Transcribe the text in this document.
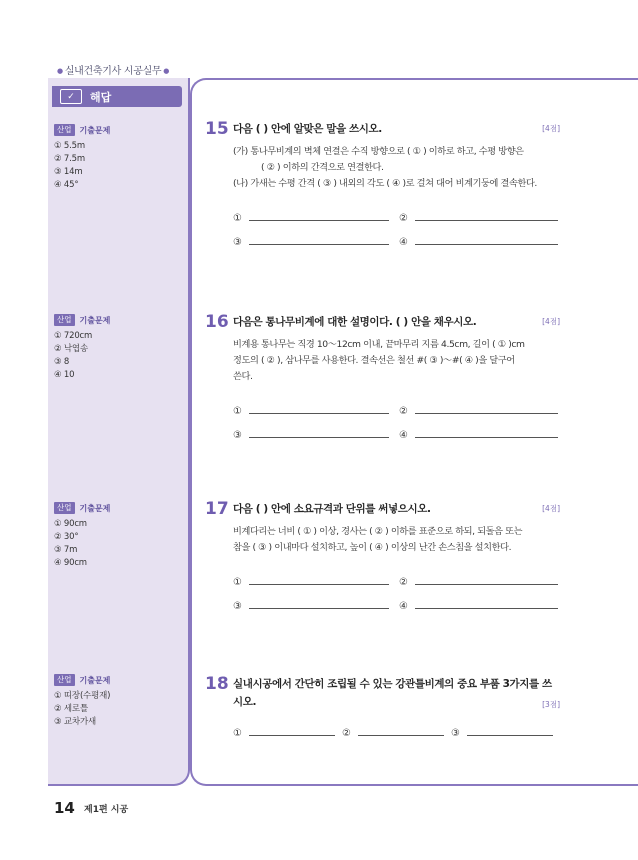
● 실내건축기사 시공실무 ●
✓	해답
산업	기출문제
① 5.5m
② 7.5m
③ 14m
④ 45°
산업	기출문제
① 720cm
② 낙엽송
③ 8
④ 10
산업	기출문제
① 90cm
② 30°
③ 7m
④ 90cm
산업	기출문제
① 띠장(수평재)
② 세로틀
③ 교차가새
15 다음 ( ) 안에 알맞은 말을 쓰시오.	[4점]
(가) 통나무비계의 벽체 연결은 수직 방향으로 ( ① ) 이하로 하고, 수평 방향은
( ② ) 이하의 간격으로 연결한다.
(나) 가새는 수평 간격 ( ③ ) 내외의 각도 ( ④ )로 걸쳐 대어 비계기둥에 결속한다.
①	②
③	④
16 다음은 통나무비계에 대한 설명이다. ( ) 안을 채우시오.	[4점]
비계용 통나무는 직경 10～12cm 이내, 끝마무리 지름 4.5cm, 길이 ( ① )cm
정도의 ( ② ), 삼나무를 사용한다. 결속선은 철선 #( ③ )～#( ④ )을 달구어
쓴다.
①	②
③	④
17 다음 ( ) 안에 소요규격과 단위를 써넣으시오.	[4점]
비계다리는 너비 ( ① ) 이상, 경사는 ( ② ) 이하를 표준으로 하되, 되돌음 또는
참을 ( ③ ) 이내마다 설치하고, 높이 ( ④ ) 이상의 난간 손스침을 설치한다.
①	②
③	④
18 실내시공에서 간단히 조립될 수 있는 강관틀비계의 중요 부품 3가지를 쓰
시오.	[3점]
①	②	③
14 제1편 시공
